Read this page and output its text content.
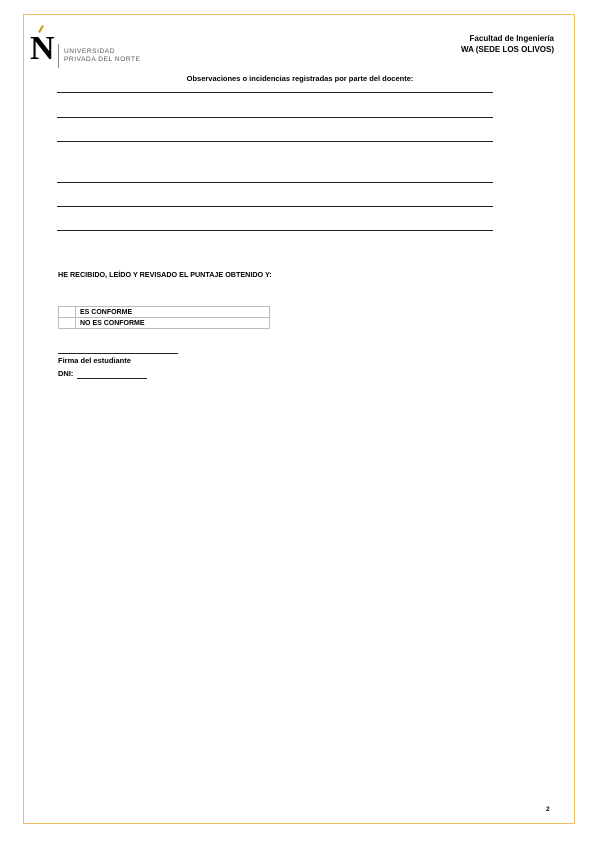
N UNIVERSIDAD
PRIVADA DEL NORTE
Facultad de Ingeniería
WA (SEDE LOS OLIVOS)
Observaciones o incidencias registradas por parte del docente:
HE RECIBIDO, LEÍDO Y REVISADO EL PUNTAJE OBTENIDO Y:
	ES CONFORME
	NO ES CONFORME
Firma del estudiante
DNI:
2
